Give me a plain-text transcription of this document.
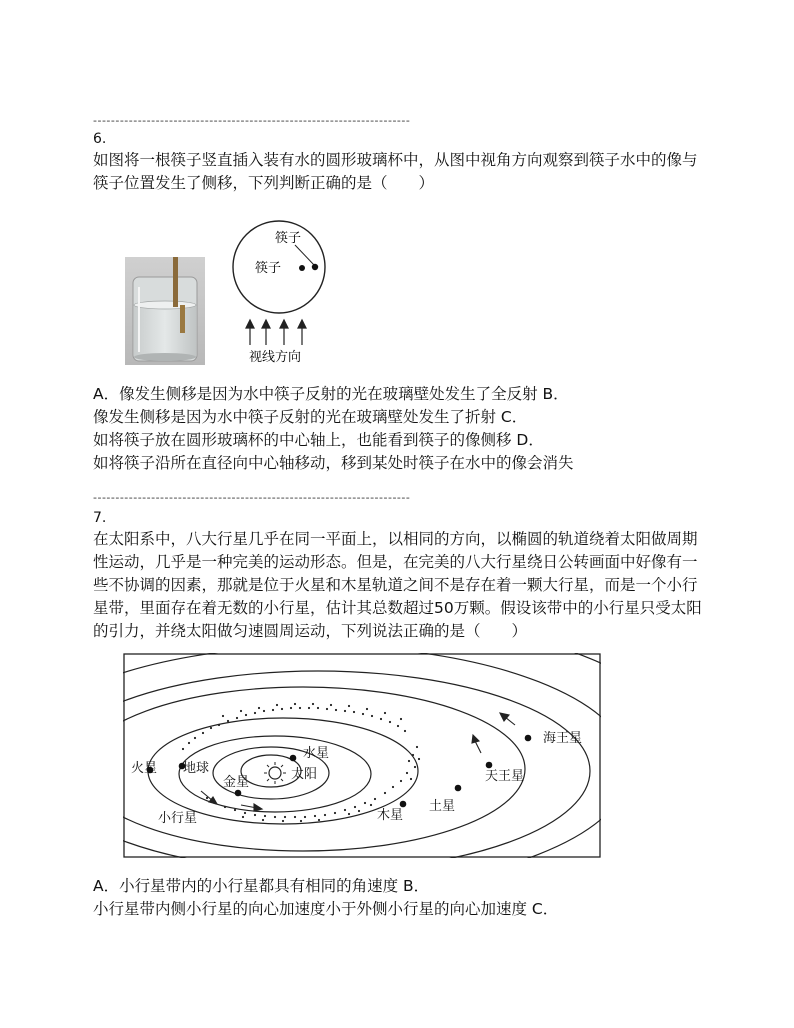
-----------------------------------------------------------------------
6.
如图将一根筷子竖直插入装有水的圆形玻璃杯中，从图中视角方向观察到筷子水中的像与
筷子位置发生了侧移，下列判断正确的是（　　）
筷子
筷子
视线方向
A．像发生侧移是因为水中筷子反射的光在玻璃壁处发生了全反射 B．
像发生侧移是因为水中筷子反射的光在玻璃壁处发生了折射 C．
如将筷子放在圆形玻璃杯的中心轴上，也能看到筷子的像侧移 D．
如将筷子沿所在直径向中心轴移动，移到某处时筷子在水中的像会消失
-----------------------------------------------------------------------
7.
在太阳系中，八大行星几乎在同一平面上，以相同的方向，以椭圆的轨道绕着太阳做周期
性运动，几乎是一种完美的运动形态。但是，在完美的八大行星绕日公转画面中好像有一
些不协调的因素，那就是位于火星和木星轨道之间不是存在着一颗大行星，而是一个小行
星带，里面存在着无数的小行星，估计其总数超过50万颗。假设该带中的小行星只受太阳
的引力，并绕太阳做匀速圆周运动，下列说法正确的是（　　）
水星
太阳
金星
地球
火星
小行星	木星
土星
天王星
海王星
A．小行星带内的小行星都具有相同的角速度 B．
小行星带内侧小行星的向心加速度小于外侧小行星的向心加速度 C．
